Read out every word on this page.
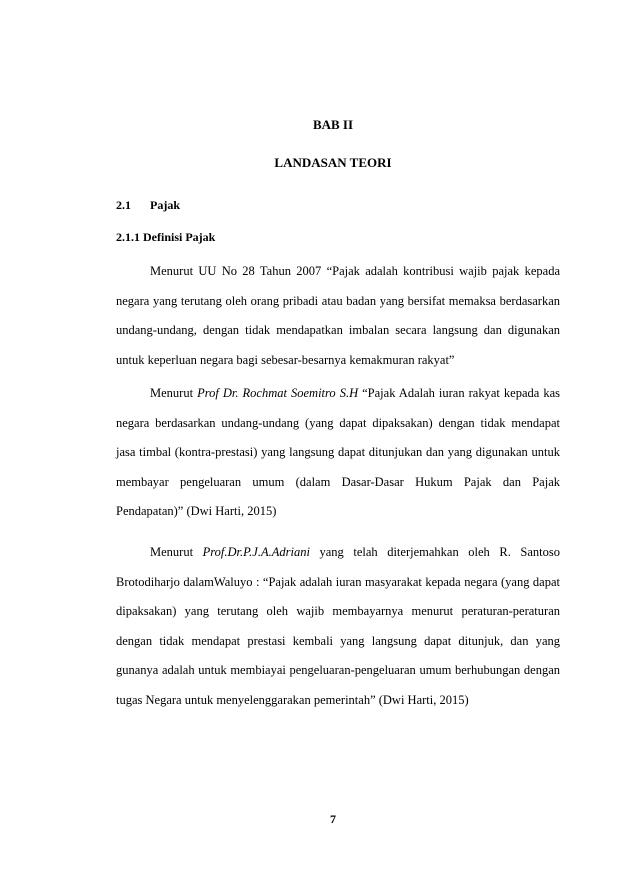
BAB II
LANDASAN TEORI
2.1 Pajak
2.1.1 Definisi Pajak

Menurut UU No 28 Tahun 2007 “Pajak adalah kontribusi wajib pajak kepada negara yang terutang oleh orang pribadi atau badan yang bersifat memaksa berdasarkan undang-undang, dengan tidak mendapatkan imbalan secara langsung dan digunakan untuk keperluan negara bagi sebesar-besarnya kemakmuran rakyat”

Menurut Prof Dr. Rochmat Soemitro S.H “Pajak Adalah iuran rakyat kepada kas negara berdasarkan undang-undang (yang dapat dipaksakan) dengan tidak mendapat jasa timbal (kontra-prestasi) yang langsung dapat ditunjukan dan yang digunakan untuk membayar pengeluaran umum (dalam Dasar-Dasar Hukum Pajak dan Pajak Pendapatan)” (Dwi Harti, 2015)

Menurut Prof.Dr.P.J.A.Adriani yang telah diterjemahkan oleh R. Santoso Brotodiharjo dalamWaluyo : “Pajak adalah iuran masyarakat kepada negara (yang dapat dipaksakan) yang terutang oleh wajib membayarnya menurut peraturan-peraturan dengan tidak mendapat prestasi kembali yang langsung dapat ditunjuk, dan yang gunanya adalah untuk membiayai pengeluaran-pengeluaran umum berhubungan dengan tugas Negara untuk menyelenggarakan pemerintah” (Dwi Harti, 2015)

7
